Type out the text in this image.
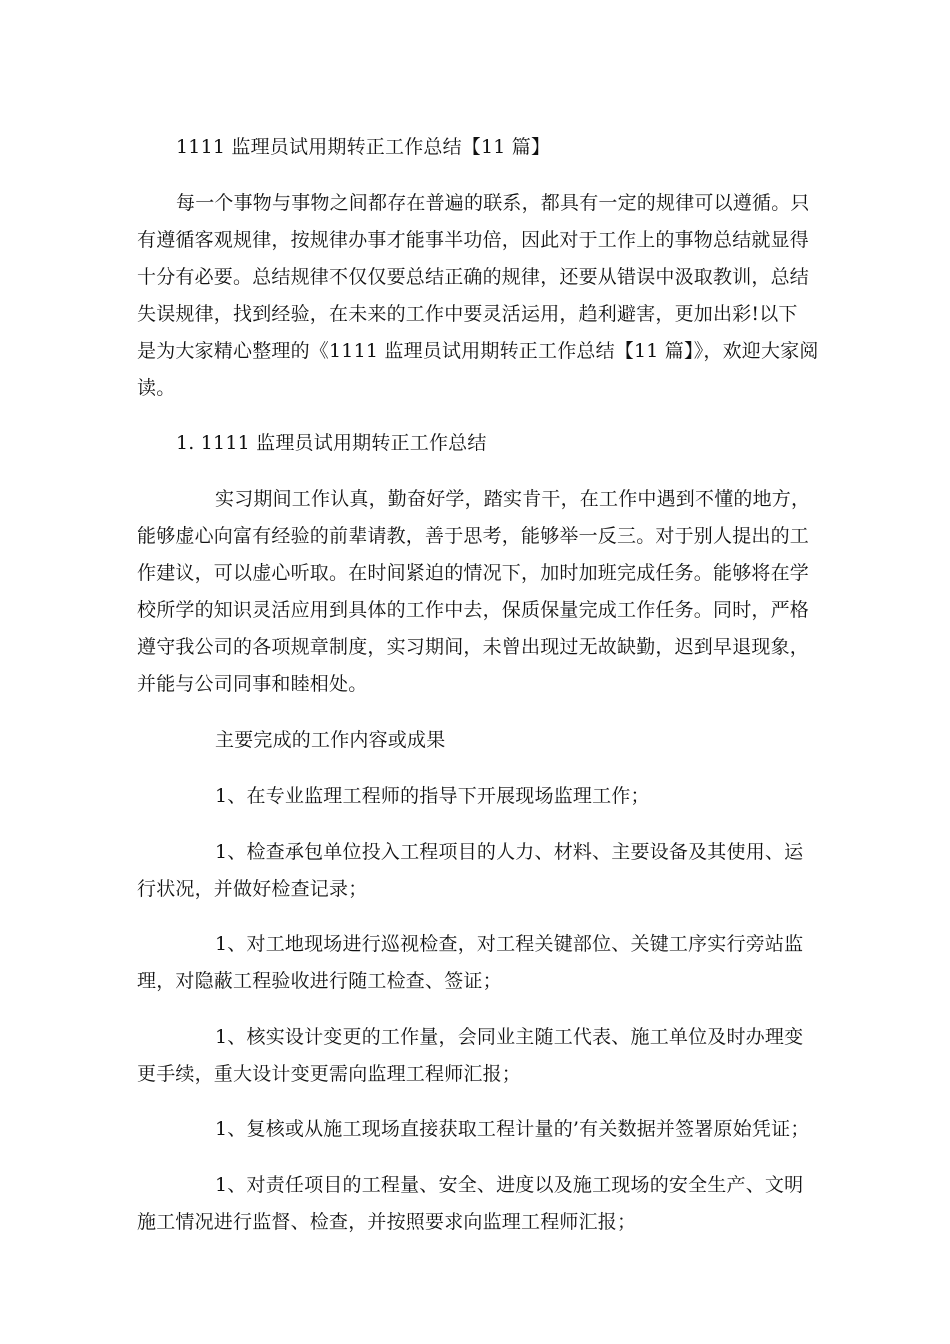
1111 监理员试用期转正工作总结【11 篇】
每一个事物与事物之间都存在普遍的联系，都具有一定的规律可以遵循。只
有遵循客观规律，按规律办事才能事半功倍，因此对于工作上的事物总结就显得
十分有必要。总结规律不仅仅要总结正确的规律，还要从错误中汲取教训，总结
失误规律，找到经验，在未来的工作中要灵活运用，趋利避害，更加出彩!以下
是为大家精心整理的《1111 监理员试用期转正工作总结【11 篇】》，欢迎大家阅
读。
1. 1111 监理员试用期转正工作总结
实习期间工作认真，勤奋好学，踏实肯干，在工作中遇到不懂的地方，
能够虚心向富有经验的前辈请教，善于思考，能够举一反三。对于别人提出的工
作建议，可以虚心听取。在时间紧迫的情况下，加时加班完成任务。能够将在学
校所学的知识灵活应用到具体的工作中去，保质保量完成工作任务。同时，严格
遵守我公司的各项规章制度，实习期间，未曾出现过无故缺勤，迟到早退现象，
并能与公司同事和睦相处。
主要完成的工作内容或成果
1、在专业监理工程师的指导下开展现场监理工作；
1、检查承包单位投入工程项目的人力、材料、主要设备及其使用、运
行状况，并做好检查记录；
1、对工地现场进行巡视检查，对工程关键部位、关键工序实行旁站监
理，对隐蔽工程验收进行随工检查、签证；
1、核实设计变更的工作量，会同业主随工代表、施工单位及时办理变
更手续，重大设计变更需向监理工程师汇报；
1、复核或从施工现场直接获取工程计量的’有关数据并签署原始凭证；
1、对责任项目的工程量、安全、进度以及施工现场的安全生产、文明
施工情况进行监督、检查，并按照要求向监理工程师汇报；
